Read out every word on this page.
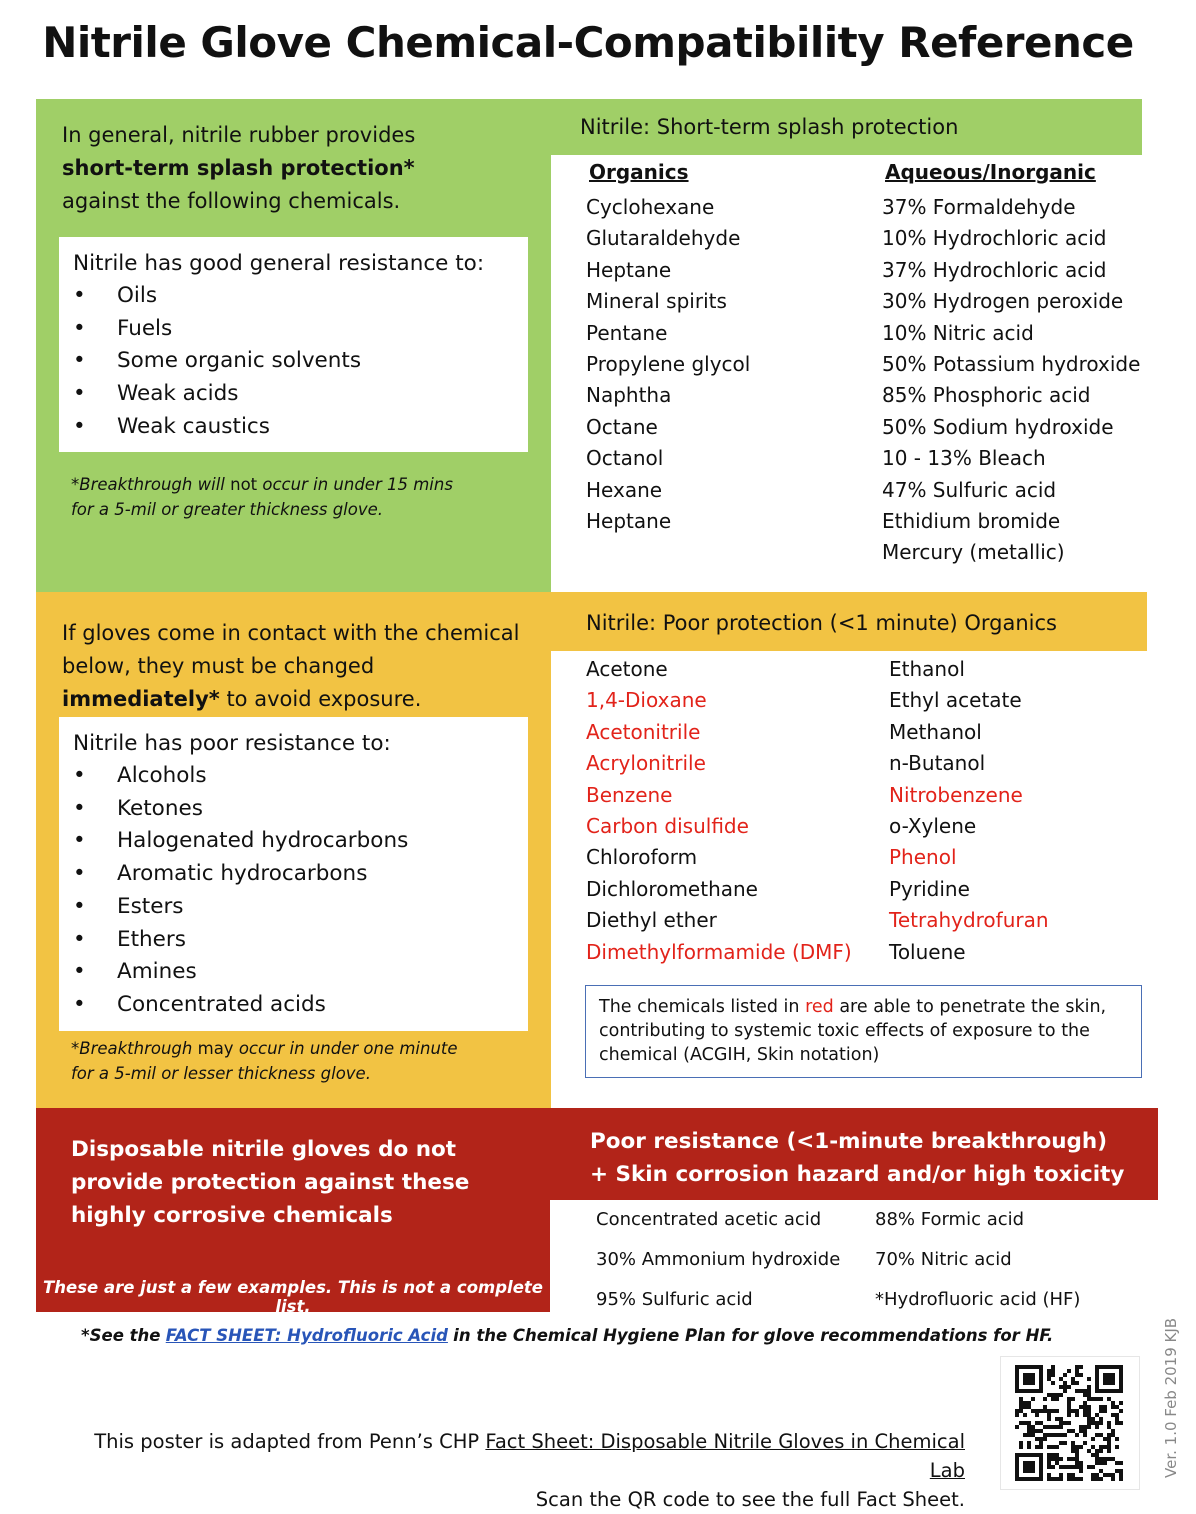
Nitrile Glove Chemical-Compatibility Reference
In general, nitrile rubber provides
short-term splash protection*
against the following chemicals.
Nitrile has good general resistance to:
• Oils
• Fuels
• Some organic solvents
• Weak acids
• Weak caustics
*Breakthrough will not occur in under 15 mins
for a 5-mil or greater thickness glove.
Nitrile: Short-term splash protection
Organics
Cyclohexane
Glutaraldehyde
Heptane
Mineral spirits
Pentane
Propylene glycol
Naphtha
Octane
Octanol
Hexane
Heptane
Aqueous/Inorganic
37% Formaldehyde
10% Hydrochloric acid
37% Hydrochloric acid
30% Hydrogen peroxide
10% Nitric acid
50% Potassium hydroxide
85% Phosphoric acid
50% Sodium hydroxide
10 - 13% Bleach
47% Sulfuric acid
Ethidium bromide
Mercury (metallic)
If gloves come in contact with the chemical below, they must be changed immediately* to avoid exposure.
Nitrile has poor resistance to:
• Alcohols
• Ketones
• Halogenated hydrocarbons
• Aromatic hydrocarbons
• Esters
• Ethers
• Amines
• Concentrated acids
*Breakthrough may occur in under one minute
for a 5-mil or lesser thickness glove.
Nitrile: Poor protection (<1 minute) Organics
Acetone
1,4-Dioxane
Acetonitrile
Acrylonitrile
Benzene
Carbon disulfide
Chloroform
Dichloromethane
Diethyl ether
Dimethylformamide (DMF)
Ethanol
Ethyl acetate
Methanol
n-Butanol
Nitrobenzene
o-Xylene
Phenol
Pyridine
Tetrahydrofuran
Toluene
The chemicals listed in red are able to penetrate the skin, contributing to systemic toxic effects of exposure to the chemical (ACGIH, Skin notation)
Disposable nitrile gloves do not provide protection against these highly corrosive chemicals
These are just a few examples. This is not a complete list.
Poor resistance (<1-minute breakthrough)
+ Skin corrosion hazard and/or high toxicity
Concentrated acetic acid
30% Ammonium hydroxide
95% Sulfuric acid
88% Formic acid
70% Nitric acid
*Hydrofluoric acid (HF)
*See the FACT SHEET: Hydrofluoric Acid in the Chemical Hygiene Plan for glove recommendations for HF.
This poster is adapted from Penn’s CHP Fact Sheet: Disposable Nitrile Gloves in Chemical Lab
Scan the QR code to see the full Fact Sheet.
Ver. 1.0 Feb 2019 KJB
